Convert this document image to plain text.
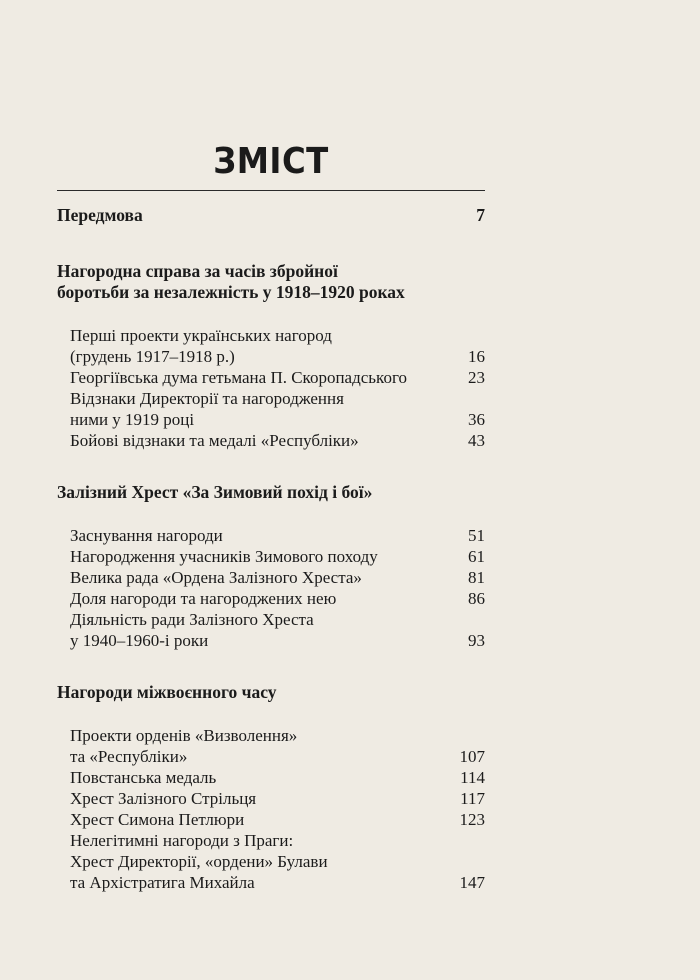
ЗМІСТ
Передмова	7
Нагородна справа за часів збройної
боротьби за незалежність у 1918–1920 роках
Перші проекти українських нагород
(грудень 1917–1918 р.)	16
Георгіївська дума гетьмана П. Скоропадського	23
Відзнаки Директорії та нагородження
ними у 1919 році	36
Бойові відзнаки та медалі «Республіки»	43
Залізний Хрест «За Зимовий похід і бої»
Заснування нагороди	51
Нагородження учасників Зимового походу	61
Велика рада «Ордена Залізного Хреста»	81
Доля нагороди та нагороджених нею	86
Діяльність ради Залізного Хреста
у 1940–1960-і роки	93
Нагороди міжвоєнного часу
Проекти орденів «Визволення»
та «Республіки»	107
Повстанська медаль	114
Хрест Залізного Стрільця	117
Хрест Симона Петлюри	123
Нелегітимні нагороди з Праги:
Хрест Директорії, «ордени» Булави
та Архістратига Михайла	147
